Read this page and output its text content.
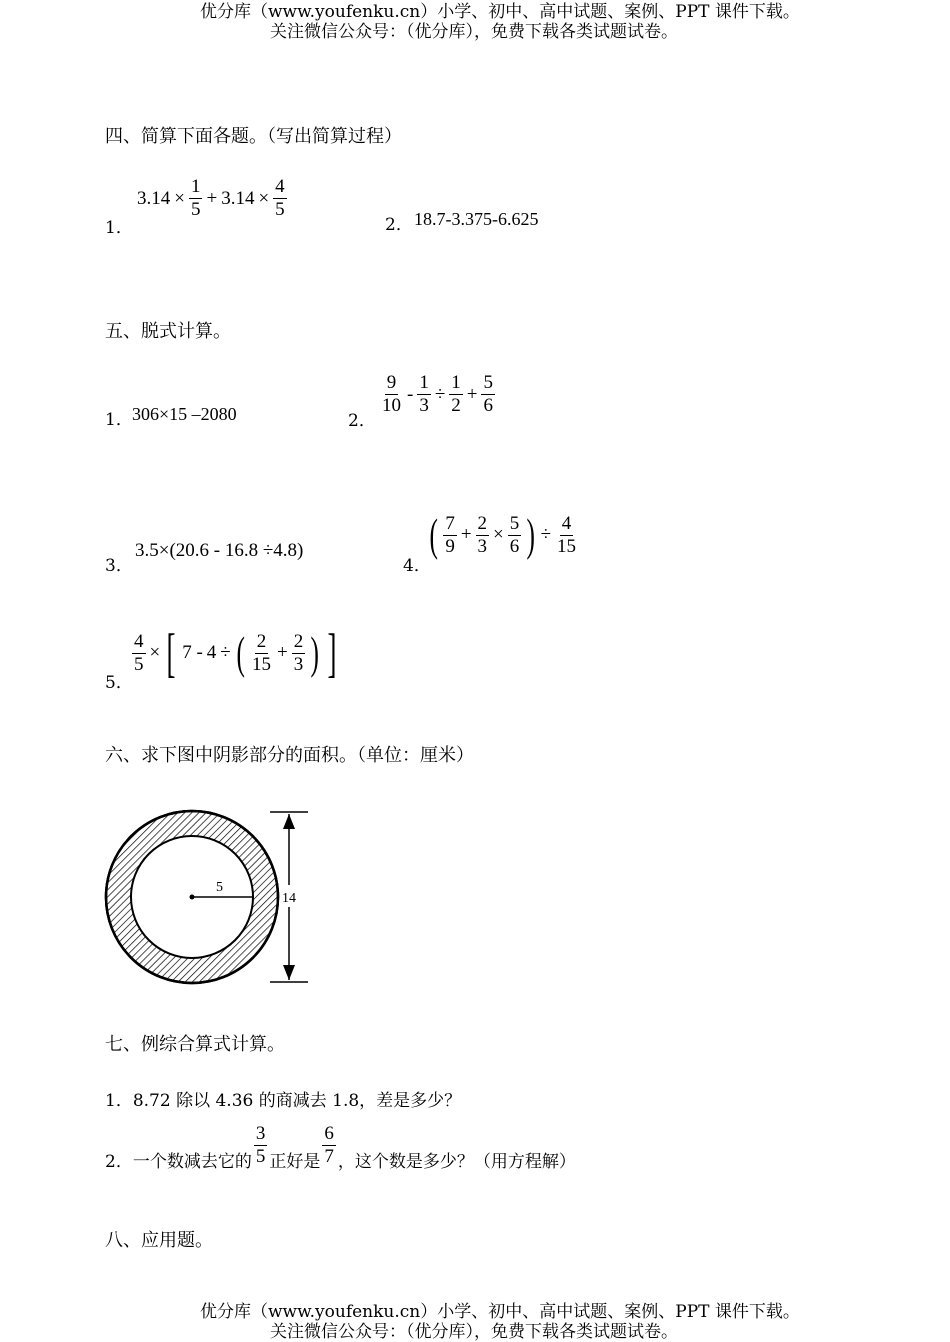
优分库（www.youfenku.cn）小学、初中、高中试题、案例、PPT 课件下载。
关注微信公众号：（优分库），免费下载各类试题试卷。
四、简算下面各题。（写出简算过程）
1．
$3.14 \times \frac{1}{5} + 3.14 \times \frac{4}{5}$
2． 18.7-3.375-6.625
五、脱式计算。
1． 306×15 –2080	2．
$\frac{9}{10} - \frac{1}{3} \div \frac{1}{2} + \frac{5}{6}$
3．
3.5×(20.6 - 16.8 ÷4.8)
4．
( $\frac{7}{9} + \frac{2}{3} \times \frac{5}{6}$ ) ÷ $\frac{4}{15}$
5．
$\frac{4}{5}$ × [ 7 - 4 ÷ ( $\frac{2}{15} + \frac{2}{3}$ ) ]
六、求下图中阴影部分的面积。（单位：厘米）
5
14
七、例综合算式计算。
1．8.72 除以 4.36 的商减去 1.8，差是多少？
2．一个数减去它的 $\frac{3}{5}$ 正好是 $\frac{6}{7}$ ，这个数是多少？（用方程解）
八、应用题。
优分库（www.youfenku.cn）小学、初中、高中试题、案例、PPT 课件下载。
关注微信公众号：（优分库），免费下载各类试题试卷。
